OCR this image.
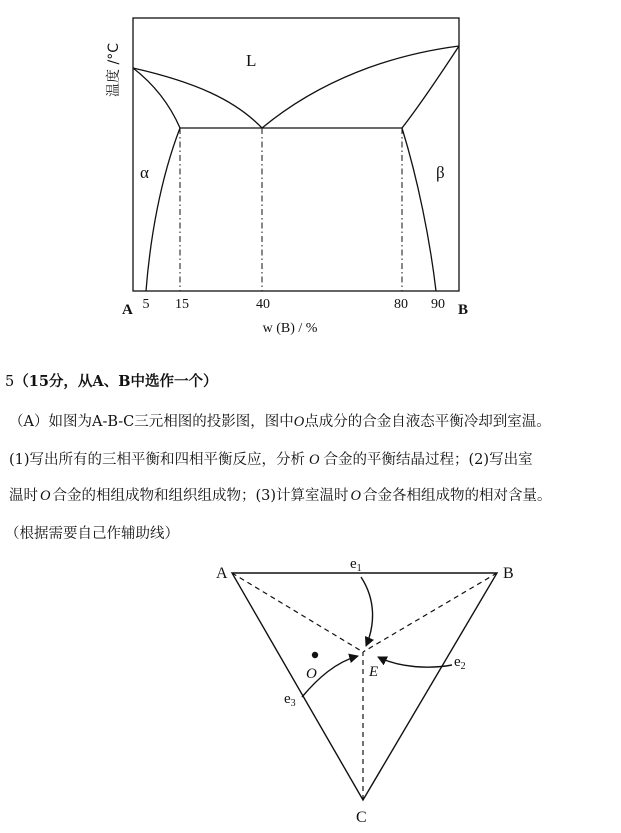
L
α	β
温度 /°C
A	B
5 15	40	80 90
w (B) / %
5（15分，从A、B中选作一个）
（A）如图为A-B-C三元相图的投影图，图中O点成分的合金自液态平衡冷却到室温。
(1)写出所有的三相平衡和四相平衡反应，分析 O 合金的平衡结晶过程；(2)写出室
温时 O 合金的相组成物和组织组成物；(3)计算室温时 O 合金各相组成物的相对含量。
（根据需要自己作辅助线）
A	B
C
$e_1$
$e_2$
$e_3$
E
O
